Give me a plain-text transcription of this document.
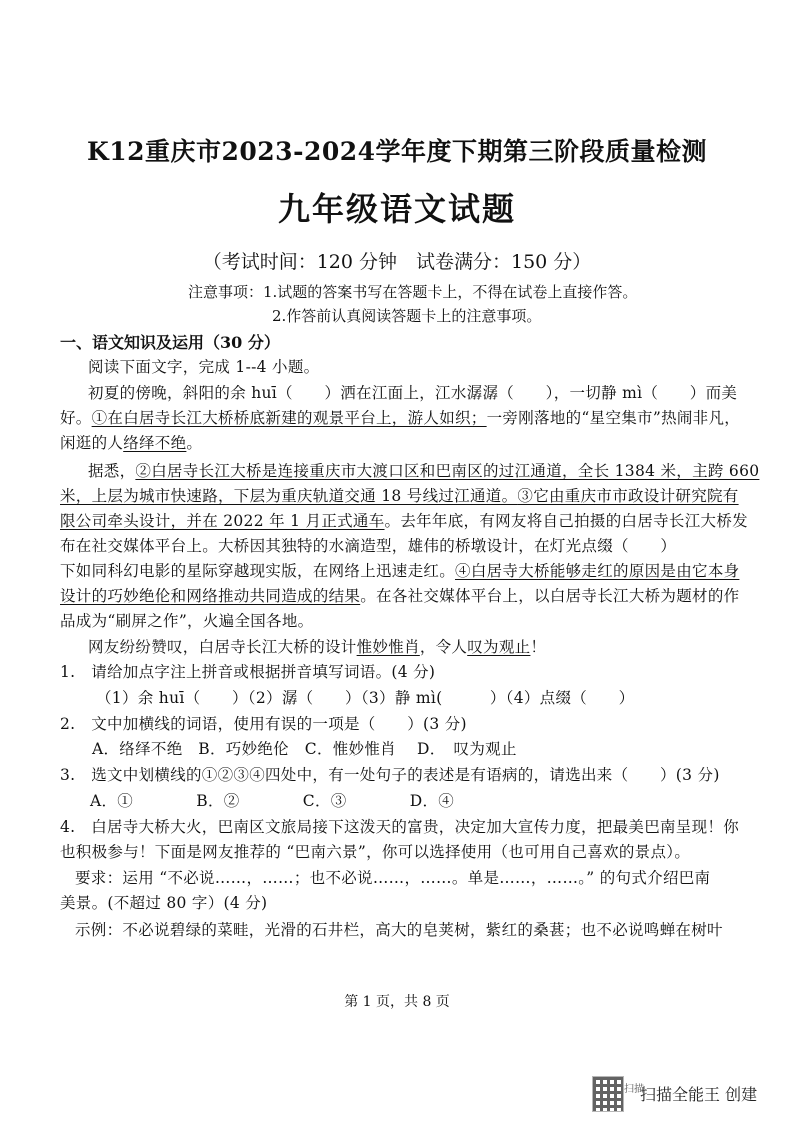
K12重庆市2023-2024学年度下期第三阶段质量检测
九年级语文试题
（考试时间：120 分钟　试卷满分：150 分）
注意事项：1.试题的答案书写在答题卡上，不得在试卷上直接作答。
2.作答前认真阅读答题卡上的注意事项。
一、语文知识及运用（30 分）
阅读下面文字，完成 1--4 小题。
初夏的傍晚，斜阳的余 huī（　　）洒在江面上，江水潺潺（　　），一切静 mì（　　）而美
好。①在白居寺长江大桥桥底新建的观景平台上，游人如织；一旁刚落地的“星空集市”热闹非凡，
闲逛的人络绎不绝。
据悉，②白居寺长江大桥是连接重庆市大渡口区和巴南区的过江通道，全长 1384 米，主跨 660
米，上层为城市快速路，下层为重庆轨道交通 18 号线过江通道。③它由重庆市市政设计研究院有
限公司牵头设计，并在 2022 年 1 月正式通车。去年年底，有网友将自己拍摄的白居寺长江大桥发
布在社交媒体平台上。大桥因其独特的水滴造型，雄伟的桥墩设计，在灯光点缀（　　）
下如同科幻电影的星际穿越现实版，在网络上迅速走红。④白居寺大桥能够走红的原因是由它本身
设计的巧妙绝伦和网络推动共同造成的结果。在各社交媒体平台上，以白居寺长江大桥为题材的作
品成为“刷屏之作”，火遍全国各地。
网友纷纷赞叹，白居寺长江大桥的设计惟妙惟肖，令人叹为观止！
1.　请给加点字注上拼音或根据拼音填写词语。(4 分)
（1）余 huī（　　）（2）潺（　　）（3）静 mì(　　　）（4）点缀（　　）
2.　文中加横线的词语，使用有误的一项是（　　）(3 分)
A．络绎不绝　B．巧妙绝伦　C．惟妙惟肖　 D．　叹为观止
3.　选文中划横线的①②③④四处中，有一处句子的表述是有语病的，请选出来（　　）(3 分)
A．①　　　　B．②　　　　C．③　　　　D．④
4.　白居寺大桥大火，巴南区文旅局接下这泼天的富贵，决定加大宣传力度，把最美巴南呈现！你
也积极参与！下面是网友推荐的 “巴南六景”，你可以选择使用（也可用自己喜欢的景点）。
要求：运用 “不必说……，……；也不必说……，……。单是……，……。” 的句式介绍巴南
美景。(不超过 80 字）(4 分)
示例：不必说碧绿的菜畦，光滑的石井栏，高大的皂荚树，紫红的桑葚；也不必说鸣蝉在树叶
第 1 页，共 8 页
扫描
扫描全能王 创建
